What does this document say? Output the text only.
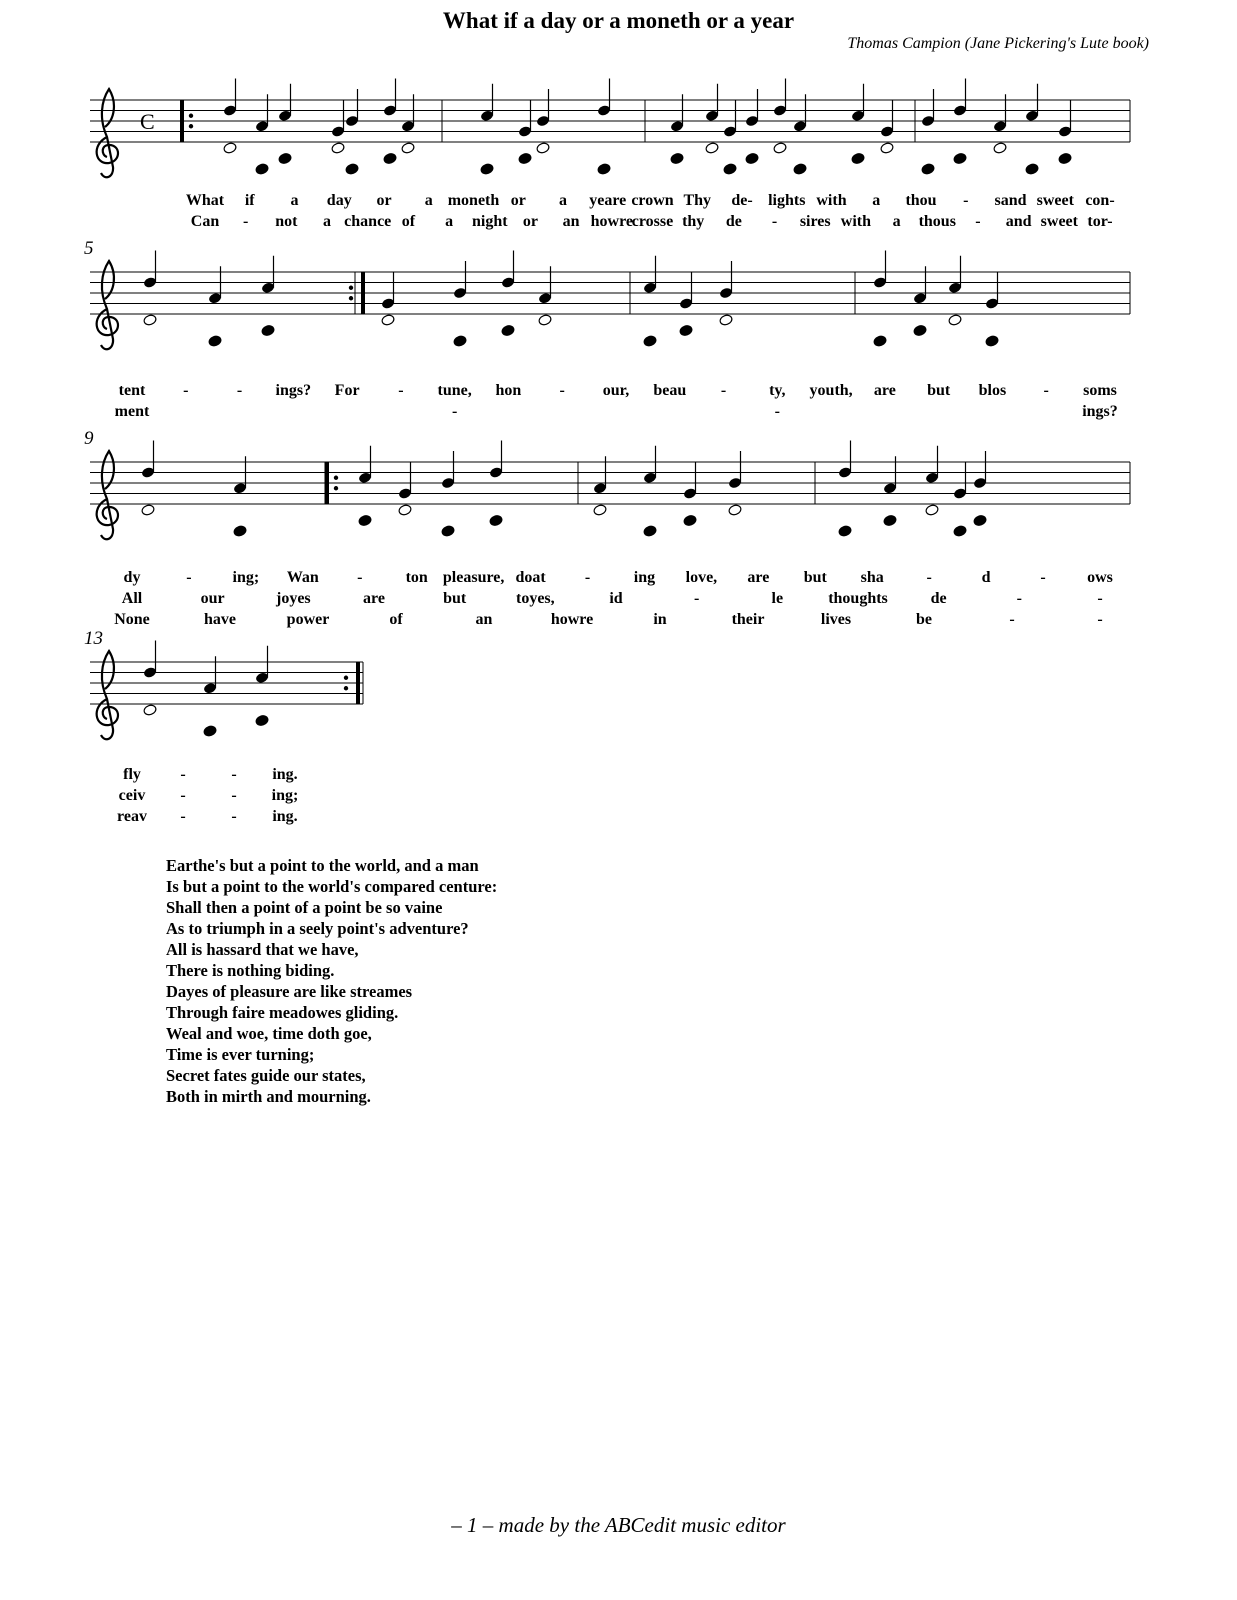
What if a day or a moneth or a year
Thomas Campion (Jane Pickering's Lute book)
5
9
13
C
What if a day or a moneth or a yeare crown Thy de- lights with a thou - sand sweet con-
Can - not a chance of a night or an howre
crosse thy de - sires with a thous - and sweet tor-
tent -	- ings? For - tune, hon - our, beau -	ty, youth, are but blos - soms
ment	-	-	ings?
dy	-	ing; Wan -	ton pleasure, doat -	ing love, are but sha	-	d	-	ows
All	our	joyes	are	but	toyes,	id	-	le	thoughts	de	-	-
None	have	power	of	an	howre	in	their	lives	be	-	-
fly -	- ing.
ceiv -	- ing;
reav -	- ing.
Earthe's but a point to the world, and a man
Is but a point to the world's compared centure:
Shall then a point of a point be so vaine
As to triumph in a seely point's adventure?
All is hassard that we have,
There is nothing biding.
Dayes of pleasure are like streames
Through faire meadowes gliding.
Weal and woe, time doth goe,
Time is ever turning;
Secret fates guide our states,
Both in mirth and mourning.
– 1 – made by the ABCedit music editor
